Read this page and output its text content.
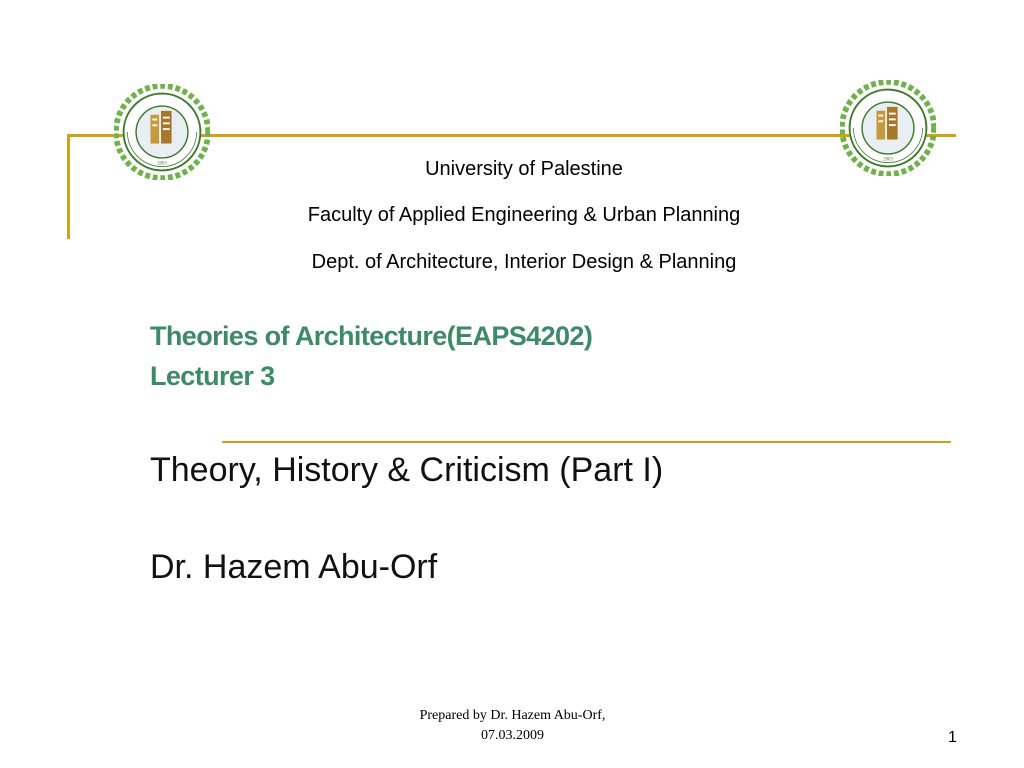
2003
2003
University of Palestine
Faculty of Applied Engineering & Urban Planning
Dept. of Architecture, Interior Design & Planning
Theories of Architecture(EAPS4202)
Lecturer 3
Theory, History & Criticism (Part I)
Dr. Hazem Abu-Orf
Prepared by Dr. Hazem Abu-Orf,
07.03.2009	1
